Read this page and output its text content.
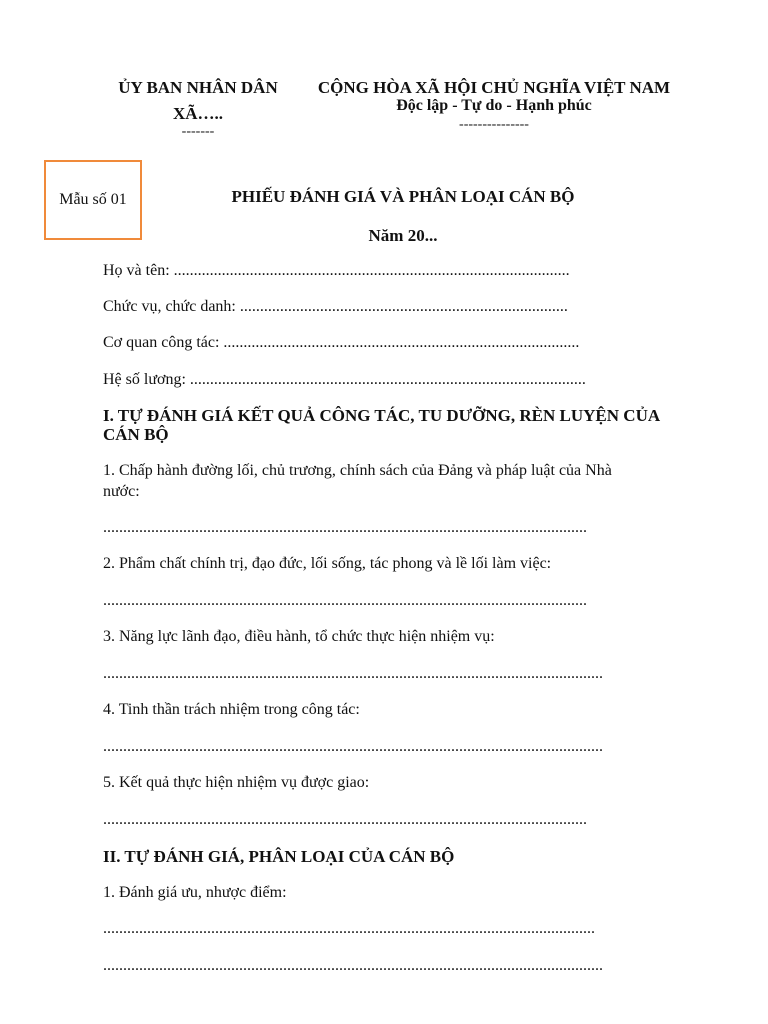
ỦY BAN NHÂN DÂN
XÃ…..
-------
CỘNG HÒA XÃ HỘI CHỦ NGHĨA VIỆT NAM
Độc lập - Tự do - Hạnh phúc
---------------
Mẫu số 01	PHIẾU ĐÁNH GIÁ VÀ PHÂN LOẠI CÁN BỘ
Năm 20...
Họ và tên: ...................................................................................................
Chức vụ, chức danh: ..................................................................................
Cơ quan công tác: .........................................................................................
Hệ số lương: ...................................................................................................
I. TỰ ĐÁNH GIÁ KẾT QUẢ CÔNG TÁC, TU DƯỠNG, RÈN LUYỆN CỦA
CÁN BỘ
1. Chấp hành đường lối, chủ trương, chính sách của Đảng và pháp luật của Nhà
nước:
.........................................................................................................................
2. Phẩm chất chính trị, đạo đức, lối sống, tác phong và lề lối làm việc:
.........................................................................................................................
3. Năng lực lãnh đạo, điều hành, tổ chức thực hiện nhiệm vụ:
.............................................................................................................................
4. Tinh thần trách nhiệm trong công tác:
.............................................................................................................................
5. Kết quả thực hiện nhiệm vụ được giao:
.........................................................................................................................
II. TỰ ĐÁNH GIÁ, PHÂN LOẠI CỦA CÁN BỘ
1. Đánh giá ưu, nhược điểm:
...........................................................................................................................
.............................................................................................................................
